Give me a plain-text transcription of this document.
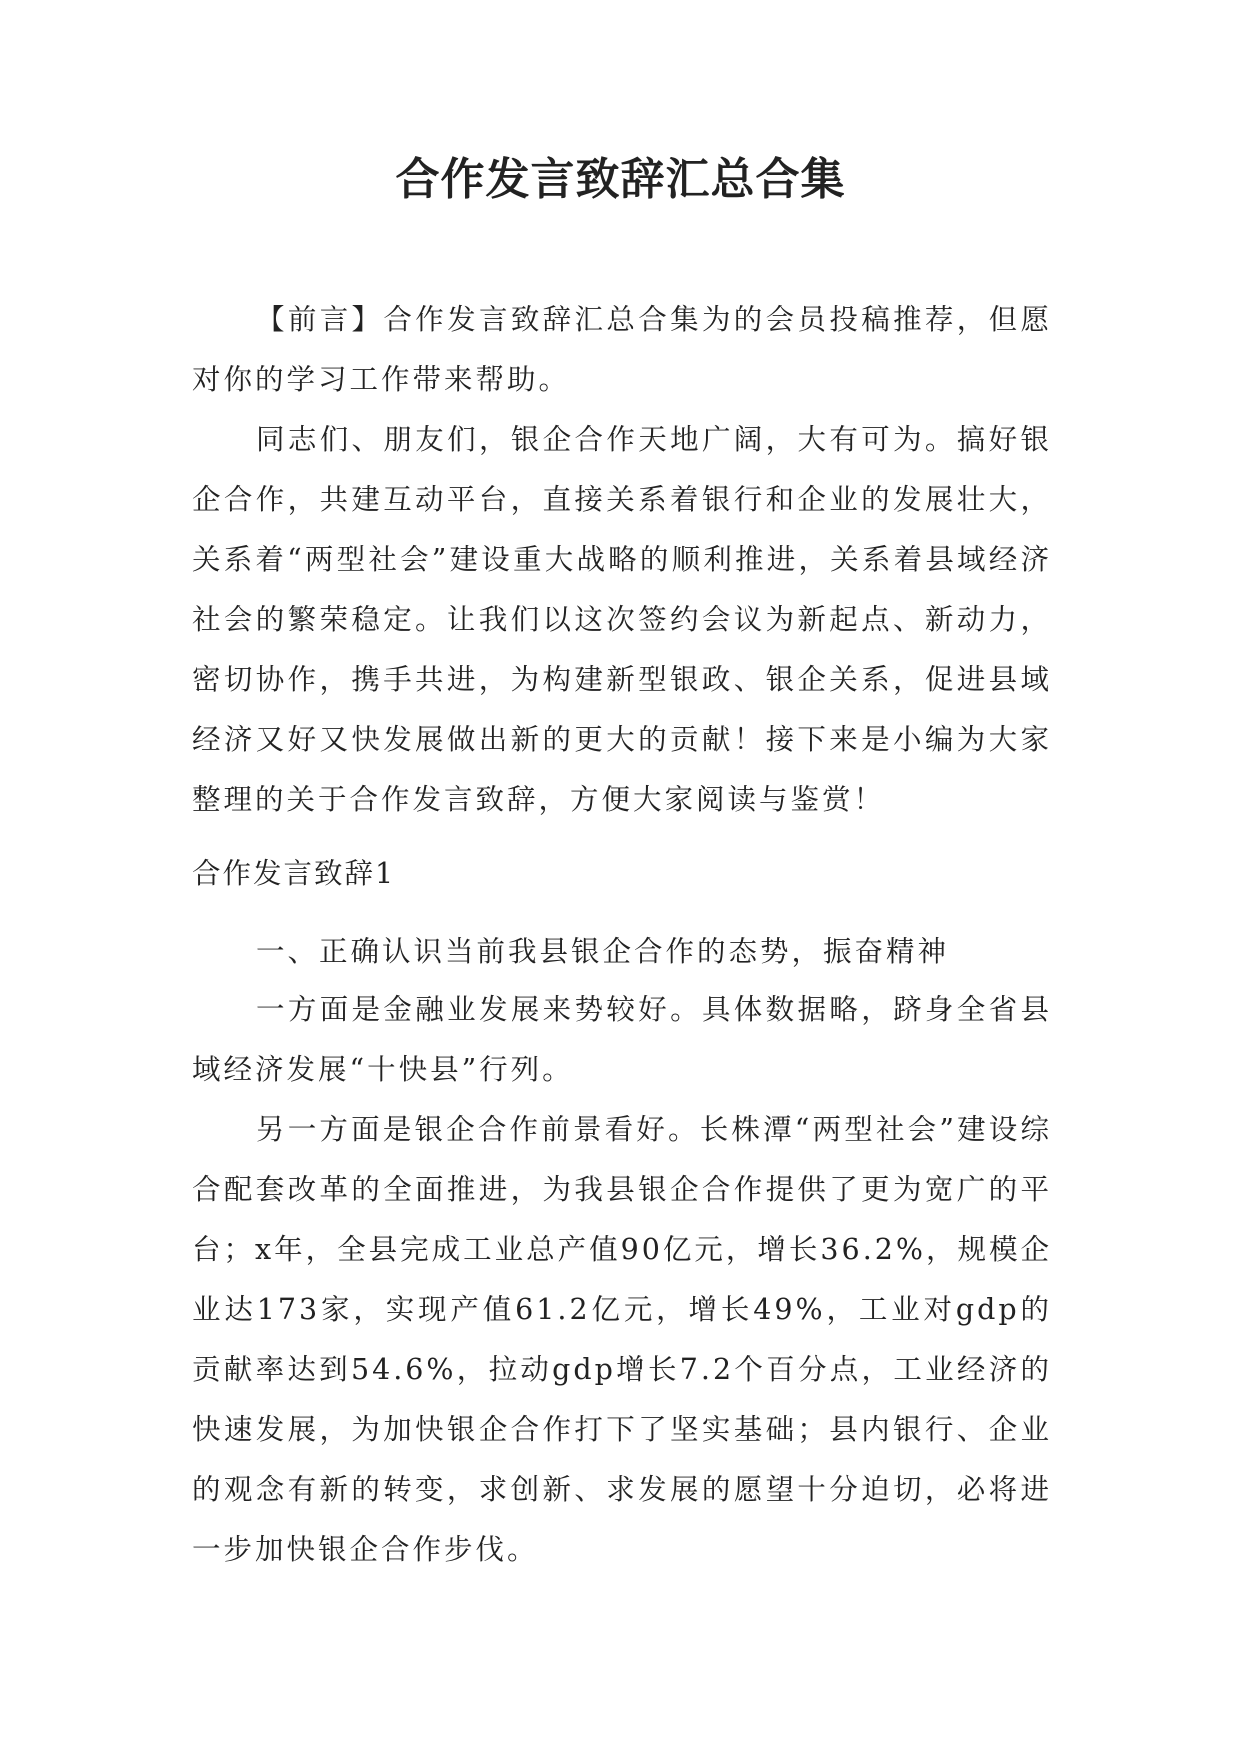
合作发言致辞汇总合集

【前言】合作发言致辞汇总合集为的会员投稿推荐，但愿对你的学习工作带来帮助。

同志们、朋友们，银企合作天地广阔，大有可为。搞好银企合作，共建互动平台，直接关系着银行和企业的发展壮大，关系着“两型社会”建设重大战略的顺利推进，关系着县域经济社会的繁荣稳定。让我们以这次签约会议为新起点、新动力，密切协作，携手共进，为构建新型银政、银企关系，促进县域经济又好又快发展做出新的更大的贡献！接下来是小编为大家整理的关于合作发言致辞，方便大家阅读与鉴赏！

合作发言致辞1

一、正确认识当前我县银企合作的态势，振奋精神

一方面是金融业发展来势较好。具体数据略，跻身全省县域经济发展“十快县”行列。

另一方面是银企合作前景看好。长株潭“两型社会”建设综合配套改革的全面推进，为我县银企合作提供了更为宽广的平台；x年，全县完成工业总产值90亿元，增长36.2%，规模企业达173家，实现产值61.2亿元，增长49%，工业对gdp的贡献率达到54.6%，拉动gdp增长7.2个百分点，工业经济的快速发展，为加快银企合作打下了坚实基础；县内银行、企业的观念有新的转变，求创新、求发展的愿望十分迫切，必将进一步加快银企合作步伐。
